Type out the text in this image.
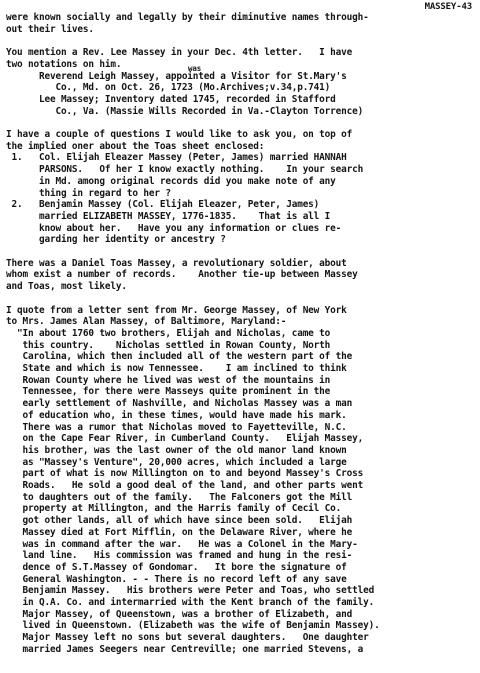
MASSEY-43
was
were known socially and legally by their diminutive names through-
out their lives.
You mention a Rev. Lee Massey in your Dec. 4th letter.   I have
two notations on him.
Reverend Leigh Massey, appointed a Visitor for St.Mary's
Co., Md. on Oct. 26, 1723 (Mo.Archives;v.34,p.741)
Lee Massey; Inventory dated 1745, recorded in Stafford
Co., Va. (Massie Wills Recorded in Va.-Clayton Torrence)
I have a couple of questions I would like to ask you, on top of
the implied oner about the Toas sheet enclosed:
1.   Col. Elijah Eleazer Massey (Peter, James) married HANNAH
PARSONS.   Of her I know exactly nothing.    In your search
in Md. among original records did you make note of any
thing in regard to her ?
2.   Benjamin Massey (Col. Elijah Eleazer, Peter, James)
married ELIZABETH MASSEY, 1776-1835.    That is all I
know about her.   Have you any information or clues re-
garding her identity or ancestry ?
There was a Daniel Toas Massey, a revolutionary soldier, about
whom exist a number of records.    Another tie-up between Massey
and Toas, most likely.
I quote from a letter sent from Mr. George Massey, of New York
to Mrs. James Alan Massey, of Baltimore, Maryland:-
"In about 1760 two brothers, Elijah and Nicholas, came to
this country.    Nicholas settled in Rowan County, North
Carolina, which then included all of the western part of the
State and which is now Tennessee.    I am inclined to think
Rowan County where he lived was west of the mountains in
Tennessee, for there were Masseys quite prominent in the
early settlement of Nashville, and Nicholas Massey was a man
of education who, in these times, would have made his mark.
There was a rumor that Nicholas moved to Fayetteville, N.C.
on the Cape Fear River, in Cumberland County.   Elijah Massey,
his brother, was the last owner of the old manor land known
as "Massey's Venture", 20,000 acres, which included a large
part of what is now Millington on to and beyond Massey's Cross
Roads.   He sold a good deal of the land, and other parts went
to daughters out of the family.   The Falconers got the Mill
property at Millington, and the Harris family of Cecil Co.
got other lands, all of which have since been sold.   Elijah
Massey died at Fort Mifflin, on the Delaware River, where he
was in command after the war.   He was a Colonel in the Mary-
land line.   His commission was framed and hung in the resi-
dence of S.T.Massey of Gondomar.   It bore the signature of
General Washington. - - There is no record left of any save
Benjamin Massey.   His brothers were Peter and Toas, who settled
in Q.A. Co. and intermarried with the Kent branch of the family.
Major Massey, of Queenstown, was a brother of Elizabeth, and
lived in Queenstown. (Elizabeth was the wife of Benjamin Massey).
Major Massey left no sons but several daughters.   One daughter
married James Seegers near Centreville; one married Stevens, a
